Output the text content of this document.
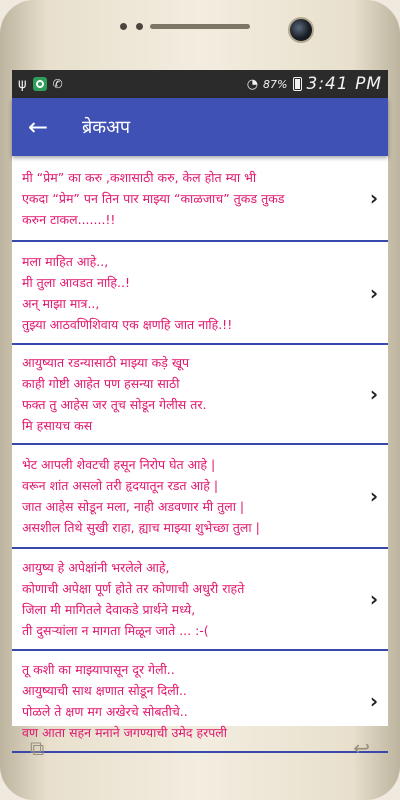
ψ ✆	◔ 87% 3:41 PM
← ब्रेकअप
मी “प्रेम” का करु ,कशासाठी करु, केल होत म्या भी
एकदा “प्रेम” पन तिन पार माझ्या “काळजाच” तुकड तुकड
करुन टाकल.......!!
›
मला माहित आहे..,
मी तुला आवडत नाहि..!
अन् माझा मात्र..,
तुझ्या आठवणिशिवाय एक क्षणहि जात नाहि.!!
›
आयुष्यात रडन्यासाठी माझ्या कड़े खूप
काही गोष्टी आहेत पण हसन्या साठी
फक्त तु आहेस जर तूच सोडून गेलीस तर.
मि हसायच कस
›
भेट आपली शेवटची हसून निरोप घेत आहे |
वरून शांत असलो तरी हृदयातून रडत आहे |
जात आहेस सोडून मला, नाही अडवणार मी तुला |
असशील तिथे सुखी राहा, ह्याच माझ्या शुभेच्छा तुला |
›
आयुष्य हे अपेक्षांनी भरलेले आहे,
कोणाची अपेक्षा पूर्ण होते तर कोणाची अधुरी राहते
जिला मी मागितले देवाकडे प्रार्थने मध्ये,
ती दुसऱ्यांला न मागता मिळून जाते ... :-(
›
तू कशी का माझ्यापासून दूर गेली..
आयुष्याची साथ क्षणात सोडून दिली..
पोळले ते क्षण मग अखेरचे सोबतीचे..
वण आता सहन मनाने जगण्याची उमेद हरपली
›
⧉	↩
